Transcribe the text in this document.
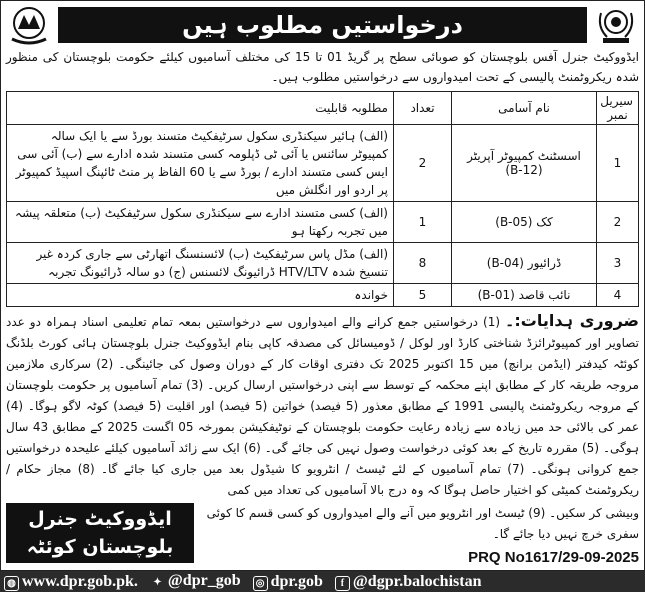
درخواستیں مطلوب ہیں

ایڈووکیٹ جنرل آفس بلوچستان کو صوبائی سطح پر گریڈ 01 تا 15 کی مختلف آسامیوں کیلئے حکومت بلوچستان کی منظور شدہ ریکروٹمنٹ پالیسی کے تحت امیدواروں سے درخواستیں مطلوب ہیں۔

سیریل نمبر	نام آسامی	تعداد	مطلوبہ قابلیت
1	اسسٹنٹ کمپیوٹر آپریٹر (B-12)	2	(الف) ہائیر سیکنڈری سکول سرٹیفکیٹ متسند بورڈ سے یا ایک سالہ کمپیوٹر سائنس یا آئی ٹی ڈپلومہ کسی متسند شدہ ادارے سے (ب) آئی سی ایس کسی متسند ادارے / بورڈ سے یا 60 الفاظ پر منٹ ٹائپنگ اسپیڈ کمپیوٹر پر اردو اور انگلش میں
2	کک (B-05)	1	(الف) کسی متسند ادارے سے سیکنڈری سکول سرٹیفکیٹ (ب) متعلقہ پیشہ میں تجربہ رکھتا ہو
3	ڈرائیور (B-04)	8	(الف) مڈل پاس سرٹیفکیٹ (ب) لائسنسنگ اتھارٹی سے جاری کردہ غیر تنسیخ شدہ HTV/LTV ڈرائیونگ لائسنس (ج) دو سالہ ڈرائیونگ تجربہ
4	نائب قاصد (B-01)	5	خواندہ

ضروری ہدایات:۔ (1) درخواستیں جمع کرانے والے امیدواروں سے درخواستیں بمعہ تمام تعلیمی اسناد ہمراہ دو عدد تصاویر اور کمپیوٹرائزڈ شناختی کارڈ اور لوکل / ڈومیسائل کی مصدقہ کاپی بنام ایڈووکیٹ جنرل بلوچستان ہائی کورٹ بلڈنگ کوئٹہ کیدفتر (ایڈمن برانچ) میں 15 اکتوبر 2025 تک دفتری اوقات کار کے دوران وصول کی جائینگی۔ (2) سرکاری ملازمین مروجہ طریقہ کار کے مطابق اپنے محکمہ کے توسط سے اپنی درخواستیں ارسال کریں۔ (3) تمام آسامیوں پر حکومت بلوچستان کے مروجہ ریکروٹمنٹ پالیسی 1991 کے مطابق معذور (5 فیصد) خواتین (5 فیصد) اور اقلیت (5 فیصد) کوٹہ لاگو ہوگا۔ (4) عمر کی بالائی حد میں زیادہ سے زیادہ رعایت حکومت بلوچستان کے نوٹیفکیشن بمورخہ 05 اگست 2025 کے مطابق 43 سال ہوگی۔ (5) مقررہ تاریخ کے بعد کوئی درخواست وصول نہیں کی جائے گی۔ (6) ایک سے زائد آسامیوں کیلئے علیحدہ درخواستیں جمع کروانی ہونگی۔ (7) تمام آسامیوں کے لئے ٹیسٹ / انٹرویو کا شیڈول بعد میں جاری کیا جائے گا۔ (8) مجاز حکام / ریکروٹمنٹ کمیٹی کو اختیار حاصل ہوگا کہ وہ درج بالا آسامیوں کی تعداد میں کمی

ایڈووکیٹ جنرل
بلوچستان کوئٹہ

وبیشی کر سکیں۔ (9) ٹیسٹ اور انٹرویو میں آنے والے امیدواروں کو کسی قسم کا کوئی سفری خرچ نہیں دیا جائے گا۔

PRQ No1617/29-09-2025
◍ www.dpr.gob.pk.	✦ @dpr_gob	◎ dpr.gob	f @dgpr.balochistan
